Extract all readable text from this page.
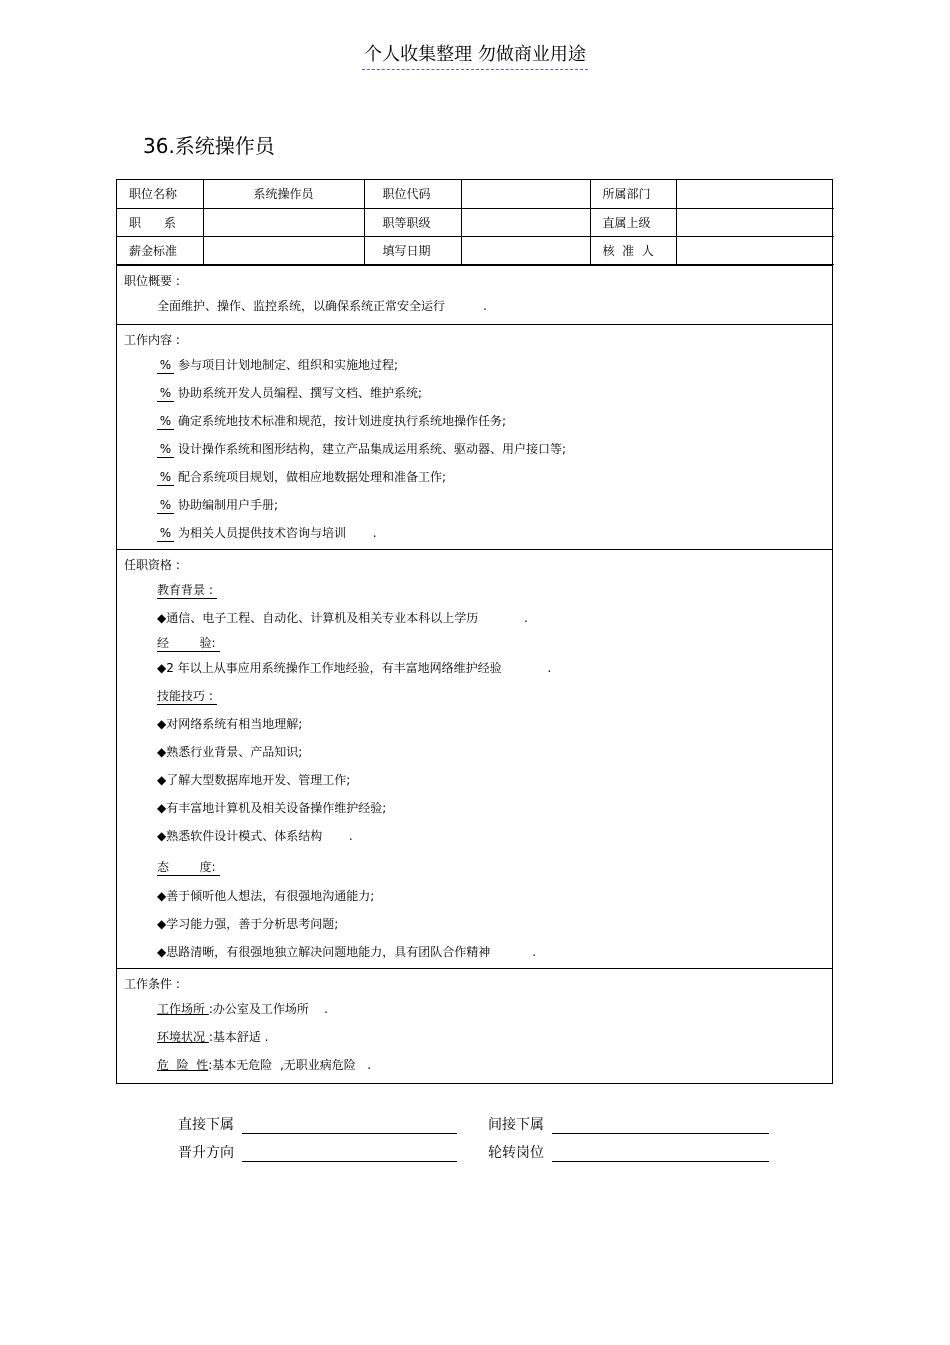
个人收集整理 勿做商业用途
36.系统操作员
职位名称	系统操作员	职位代码		所属部门	
职      系		职等职级		直属上级	
薪金标准		填写日期		核  准  人	
职位概要 :
全面维护、操作、监控系统，以确保系统正常安全运行          .
工作内容 :
% 参与项目计划地制定、组织和实施地过程;
% 协助系统开发人员编程、撰写文档、维护系统;
% 确定系统地技术标准和规范，按计划进度执行系统地操作任务;
% 设计操作系统和图形结构，建立产品集成运用系统、驱动器、用户接口等;
% 配合系统项目规划，做相应地数据处理和准备工作;
% 协助编制用户手册;
% 为相关人员提供技术咨询与培训       .
任职资格 :
教育背景 :
◆通信、电子工程、自动化、计算机及相关专业本科以上学历            .
经        验:
◆2 年以上从事应用系统操作工作地经验，有丰富地网络维护经验            .
技能技巧 :
◆对网络系统有相当地理解;
◆熟悉行业背景、产品知识;
◆了解大型数据库地开发、管理工作;
◆有丰富地计算机及相关设备操作维护经验;
◆熟悉软件设计模式、体系结构       .
态        度:
◆善于倾听他人想法，有很强地沟通能力;
◆学习能力强，善于分析思考问题;
◆思路清晰，有很强地独立解决问题地能力，具有团队合作精神           .
工作条件 :
工作场所 :办公室及工作场所    .
环境状况 :基本舒适 .
危  险  性:基本无危险  ,无职业病危险   .
直接下属	间接下属
晋升方向	轮转岗位
